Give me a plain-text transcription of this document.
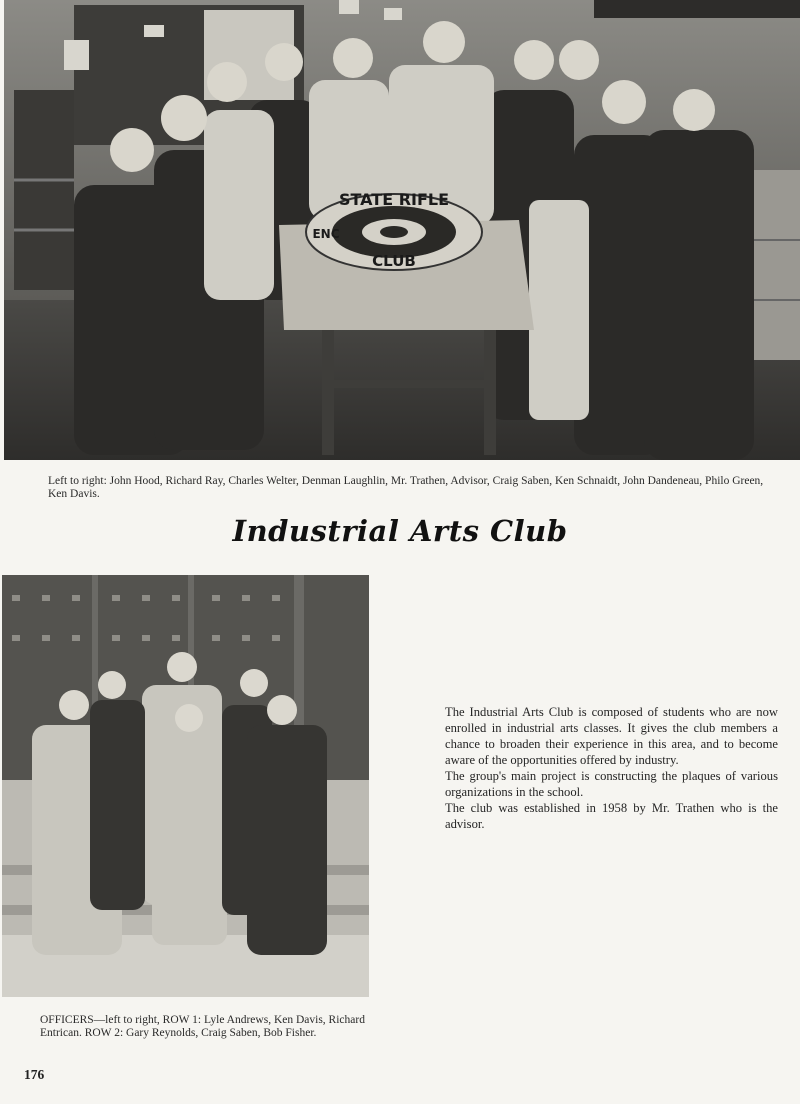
STATE RIFLE
CLUB
ENC
Left to right: John Hood, Richard Ray, Charles Welter, Denman Laughlin, Mr. Trathen, Advisor, Craig Saben, Ken Schnaidt, John Dandeneau, Philo Green, Ken Davis.
Industrial Arts Club
OFFICERS—left to right, ROW 1: Lyle Andrews, Ken Davis, Richard Entrican. ROW 2: Gary Reynolds, Craig Saben, Bob Fisher.

The Industrial Arts Club is composed of students who are now enrolled in industrial arts classes. It gives the club members a chance to broaden their experience in this area, and to become aware of the opportunities offered by industry.

The group's main project is constructing the plaques of various organizations in the school.

The club was established in 1958 by Mr. Trathen who is the advisor.

176
